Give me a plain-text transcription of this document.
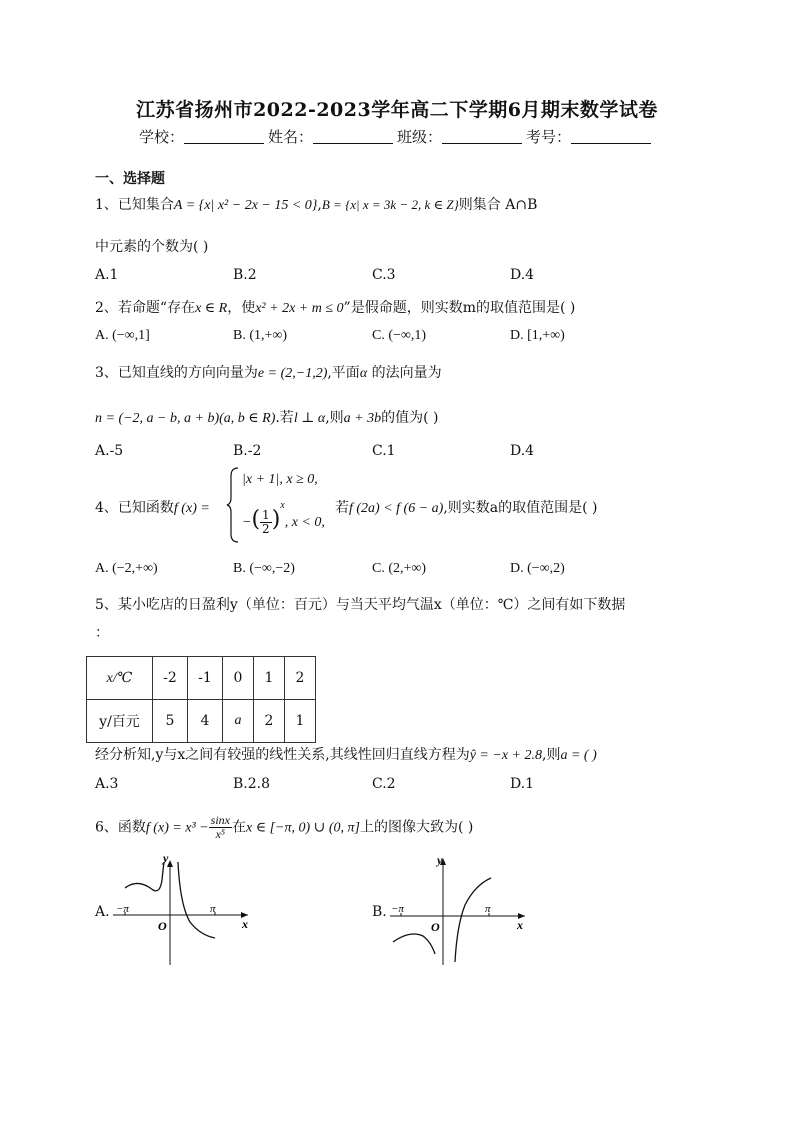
江苏省扬州市2022-2023学年高二下学期6月期末数学试卷
学校：	姓名：	班级：	考号：
一、选择题
1、已知集合A = {x| x² − 2x − 15 < 0},B = {x| x = 3k − 2, k ∈ Z}则集合 A∩B
中元素的个数为( )
A.1	B.2	C.3	D.4
2、若命题“存在x ∈ R，使x² + 2x + m ≤ 0”是假命题，则实数m的取值范围是( )
A. (−∞,1]	B. (1,+∞)	C. (−∞,1)	D. [1,+∞)
3、已知直线的方向向量为e = (2,−1,2),平面α 的法向量为
n = (−2, a − b, a + b)(a, b ∈ R).若l ⊥ α,则a + 3b的值为( )
A.-5	B.-2	C.1	D.4
4、已知函数f (x) =
|x + 1|, x ≥ 0,
−( $\frac{1}{2} )^x$, x < 0,
若f (2a) < f (6 − a),则实数a的取值范围是( )
A. (−2,+∞)	B. (−∞,−2)	C. (2,+∞)	D. (−∞,2)
5、某小吃店的日盈利y（单位：百元）与当天平均气温x（单位：℃）之间有如下数据
：
x/℃	-2	-1	0	1	2
y/百元	5	4	a	2	1
经分析知,y与x之间有较强的线性关系,其线性回归直线方程为ŷ = −x + 2.8,则a = ( )
A.3	B.2.8	C.2	D.1
6、函数f $(x) = x^3 - \frac{\sin x}{\text{x⁵}}$ 在x ∈ [−π, 0) ∪ (0, π]上的图像大致为( )
A.
y
x
O
−π	π	B.
y
x
O
−π	π
